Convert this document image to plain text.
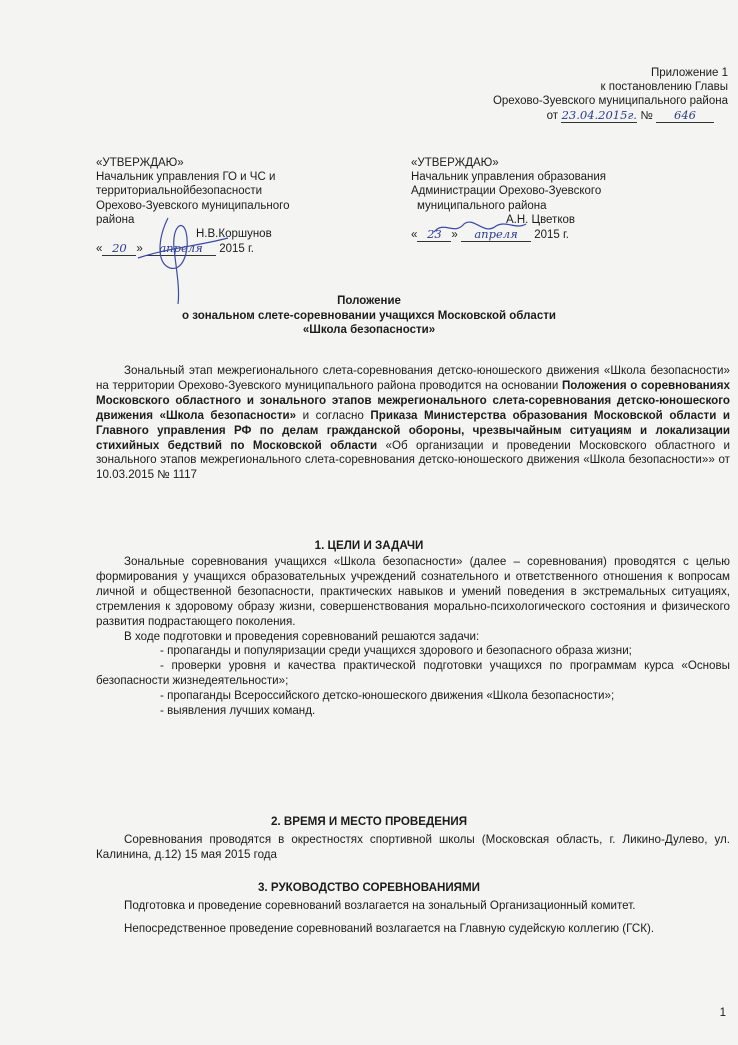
Приложение 1
к постановлению Главы
Орехово-Зуевского муниципального района
от 23.04.2015г. № 646
«УТВЕРЖДАЮ»
Начальник управления ГО и ЧС и
территориальнойбезопасности
Орехово-Зуевского муниципального
района
Н.В.Коршунов
« 20 » апреля 2015 г.
«УТВЕРЖДАЮ»
Начальник управления образования
Администрации Орехово-Зуевского
муниципального района
А.Н. Цветков
« 23 » апреля 2015 г.
Положение
о зональном слете-соревновании учащихся Московской области
«Школа безопасности»

Зональный этап межрегионального слета-соревнования детско-юношеского движения «Школа безопасности» на территории Орехово-Зуевского муниципального района проводится на основании Положения о соревнованиях Московского областного и зонального этапов межрегионального слета-соревнования детско-юношеского движения «Школа безопасности» и согласно Приказа Министерства образования Московской области и Главного управления РФ по делам гражданской обороны, чрезвычайным ситуациям и локализации стихийных бедствий по Московской области «Об организации и проведении Московского областного и зонального этапов межрегионального слета-соревнования детско-юношеского движения «Школа безопасности»» от 10.03.2015 № 1117

1. ЦЕЛИ И ЗАДАЧИ

Зональные соревнования учащихся «Школа безопасности» (далее – соревнования) проводятся с целью формирования у учащихся образовательных учреждений сознательного и ответственного отношения к вопросам личной и общественной безопасности, практических навыков и умений поведения в экстремальных ситуациях, стремления к здоровому образу жизни, совершенствования морально-психологического состояния и физического развития подрастающего поколения.

В ходе подготовки и проведения соревнований решаются задачи:

- пропаганды и популяризации среди учащихся здорового и безопасного образа жизни;

- проверки уровня и качества практической подготовки учащихся по программам курса «Основы безопасности жизнедеятельности»;

- пропаганды Всероссийского детско-юношеского движения «Школа безопасности»;

- выявления лучших команд.

2. ВРЕМЯ И МЕСТО ПРОВЕДЕНИЯ

Соревнования проводятся в окрестностях спортивной школы (Московская область, г. Ликино-Дулево, ул. Калинина, д.12) 15 мая 2015 года

3. РУКОВОДСТВО СОРЕВНОВАНИЯМИ

Подготовка и проведение соревнований возлагается на зональный Организационный комитет.

Непосредственное проведение соревнований возлагается на Главную судейскую коллегию (ГСК).

1
